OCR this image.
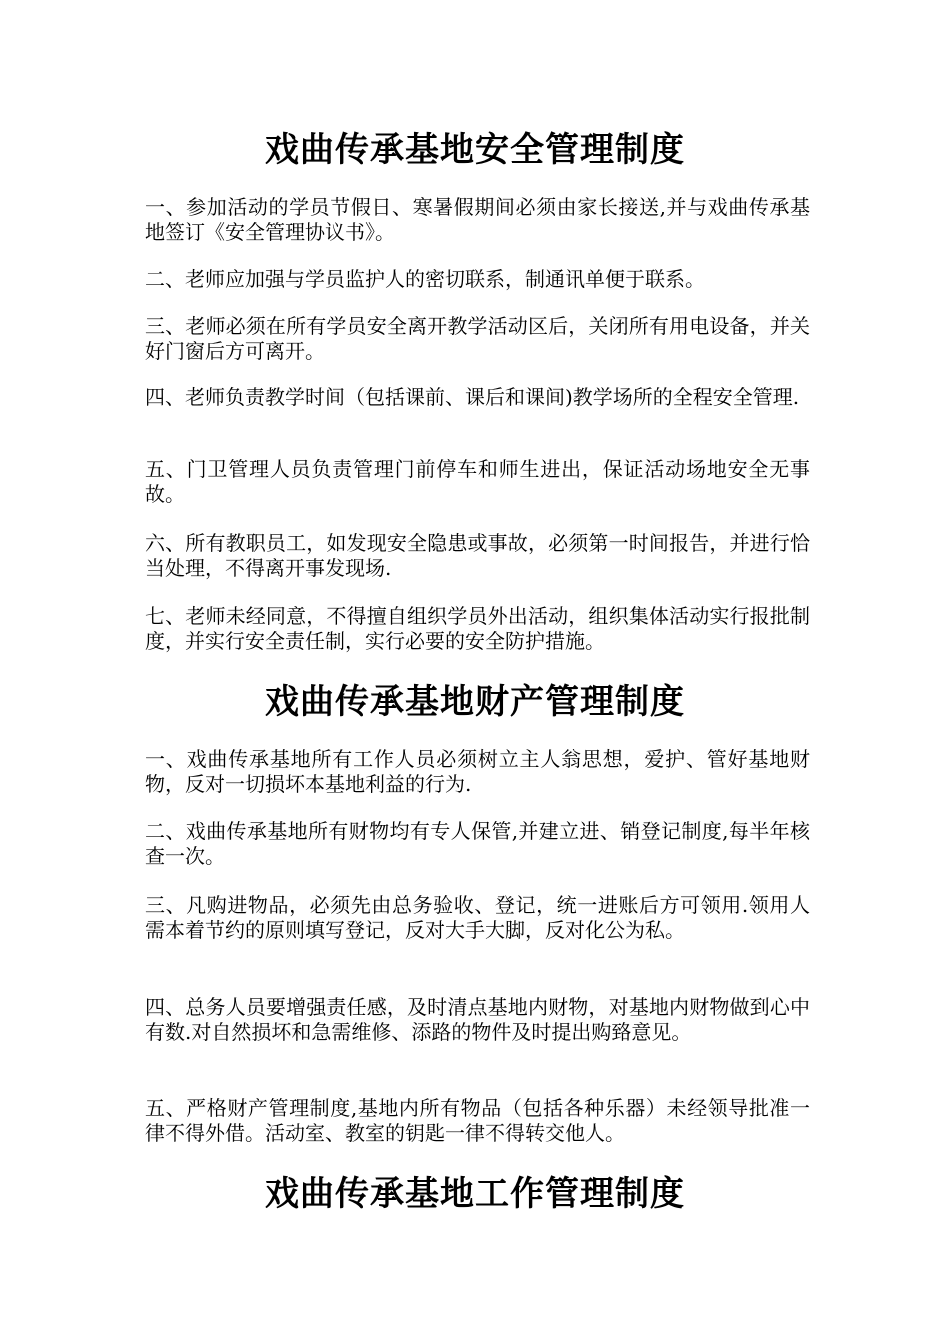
戏曲传承基地安全管理制度

一、参加活动的学员节假日、寒暑假期间必须由家长接送,并与戏曲传承基地签订《安全管理协议书》。

二、老师应加强与学员监护人的密切联系，制通讯单便于联系。

三、老师必须在所有学员安全离开教学活动区后，关闭所有用电设备，并关好门窗后方可离开。

四、老师负责教学时间（包括课前、课后和课间)教学场所的全程安全管理.

五、门卫管理人员负责管理门前停车和师生进出，保证活动场地安全无事故。

六、所有教职员工，如发现安全隐患或事故，必须第一时间报告，并进行恰当处理，不得离开事发现场.

七、老师未经同意，不得擅自组织学员外出活动，组织集体活动实行报批制度，并实行安全责任制，实行必要的安全防护措施。

戏曲传承基地财产管理制度

一、戏曲传承基地所有工作人员必须树立主人翁思想，爱护、管好基地财物，反对一切损坏本基地利益的行为.

二、戏曲传承基地所有财物均有专人保管,并建立进、销登记制度,每半年核查一次。

三、凡购进物品，必须先由总务验收、登记，统一进账后方可领用.领用人需本着节约的原则填写登记，反对大手大脚，反对化公为私。

四、总务人员要增强责任感，及时清点基地内财物，对基地内财物做到心中有数.对自然损坏和急需维修、添路的物件及时提出购臵意见。

五、严格财产管理制度,基地内所有物品（包括各种乐器）未经领导批准一律不得外借。活动室、教室的钥匙一律不得转交他人。

戏曲传承基地工作管理制度
